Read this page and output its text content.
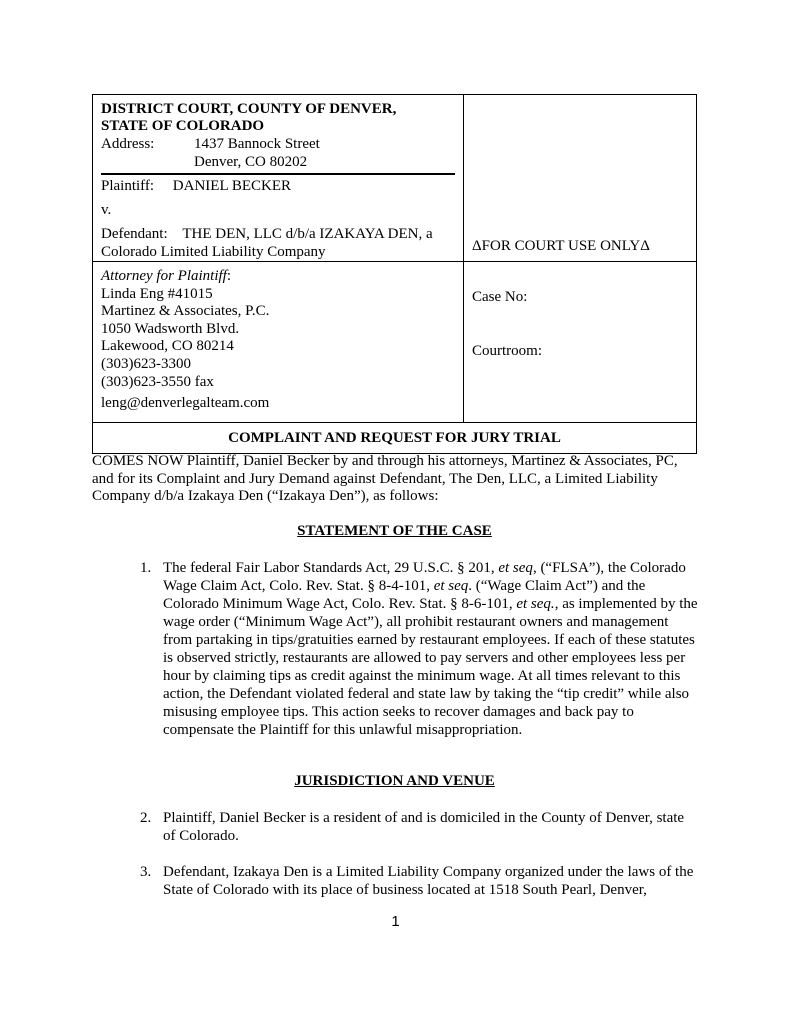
DISTRICT COURT, COUNTY OF DENVER,
STATE OF COLORADO
Address:	1437 Bannock Street
Denver, CO 80202
Plaintiff:     DANIEL BECKER
v.
Defendant:    THE DEN, LLC d/b/a IZAKAYA DEN, a
Colorado Limited Liability Company	ΔFOR COURT USE ONLYΔ
Attorney for Plaintiff:
Linda Eng #41015
Martinez & Associates, P.C.
1050 Wadsworth Blvd.
Lakewood, CO 80214
(303)623-3300
(303)623-3550 fax
leng@denverlegalteam.com
Case No:
Courtroom:
COMPLAINT AND REQUEST FOR JURY TRIAL
COMES NOW Plaintiff, Daniel Becker by and through his attorneys, Martinez & Associates, PC, and for its Complaint and Jury Demand against Defendant, The Den, LLC, a Limited Liability Company d/b/a Izakaya Den (“Izakaya Den”), as follows:
STATEMENT OF THE CASE
1. The federal Fair Labor Standards Act, 29 U.S.C. § 201, et seq, (“FLSA”), the Colorado Wage Claim Act, Colo. Rev. Stat. § 8-4-101, et seq. (“Wage Claim Act”) and the Colorado Minimum Wage Act, Colo. Rev. Stat. § 8-6-101, et seq., as implemented by the wage order (“Minimum Wage Act”), all prohibit restaurant owners and management from partaking in tips/gratuities earned by restaurant employees. If each of these statutes is observed strictly, restaurants are allowed to pay servers and other employees less per hour by claiming tips as credit against the minimum wage. At all times relevant to this action, the Defendant violated federal and state law by taking the “tip credit” while also misusing employee tips. This action seeks to recover damages and back pay to compensate the Plaintiff for this unlawful misappropriation.
JURISDICTION AND VENUE
2. Plaintiff, Daniel Becker is a resident of and is domiciled in the County of Denver, state of Colorado.
3. Defendant, Izakaya Den is a Limited Liability Company organized under the laws of the State of Colorado with its place of business located at 1518 South Pearl, Denver,
1
